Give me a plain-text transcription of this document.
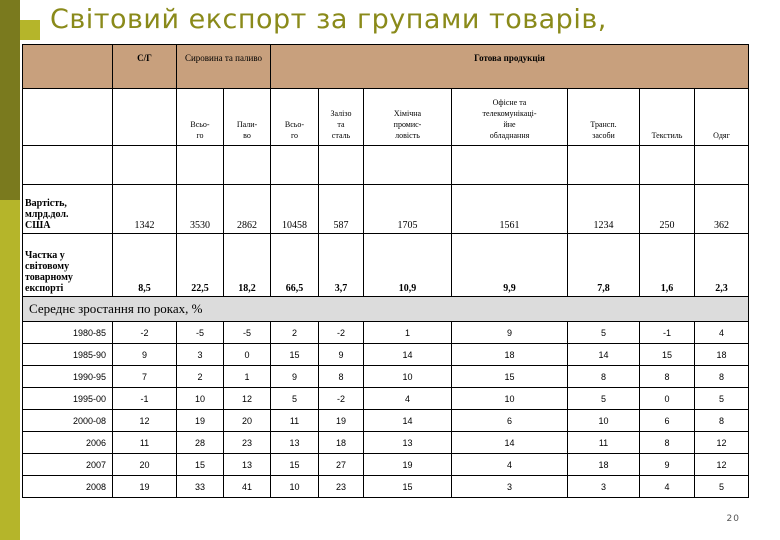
Світовий експорт за групами товарів,
	С/Г	Сировина та паливо		Готова продукція						
		Всьо-
го	Пали-
во	Всьо-
го	Залізо
та
сталь	Хімічна
промис-
ловість	Офісне та
телекомунікаці-
йне
обладнання	Трансп.
засоби	Текстиль	Одяг

Вартість,
млрд.дол.
США	1342	3530	2862	10458	587	1705	1561	1234	250	362
Частка у
світовому
товарному
експорті	8,5	22,5	18,2	66,5	3,7	10,9	9,9	7,8	1,6	2,3
Середнє зростання по роках, %										
1980-85	-2	-5	-5	2	-2	1	9	5	-1	4
1985-90	9	3	0	15	9	14	18	14	15	18
1990-95	7	2	1	9	8	10	15	8	8	8
1995-00	-1	10	12	5	-2	4	10	5	0	5
2000-08	12	19	20	11	19	14	6	10	6	8
2006	11	28	23	13	18	13	14	11	8	12
2007	20	15	13	15	27	19	4	18	9	12
2008	19	33	41	10	23	15	3	3	4	5
20
